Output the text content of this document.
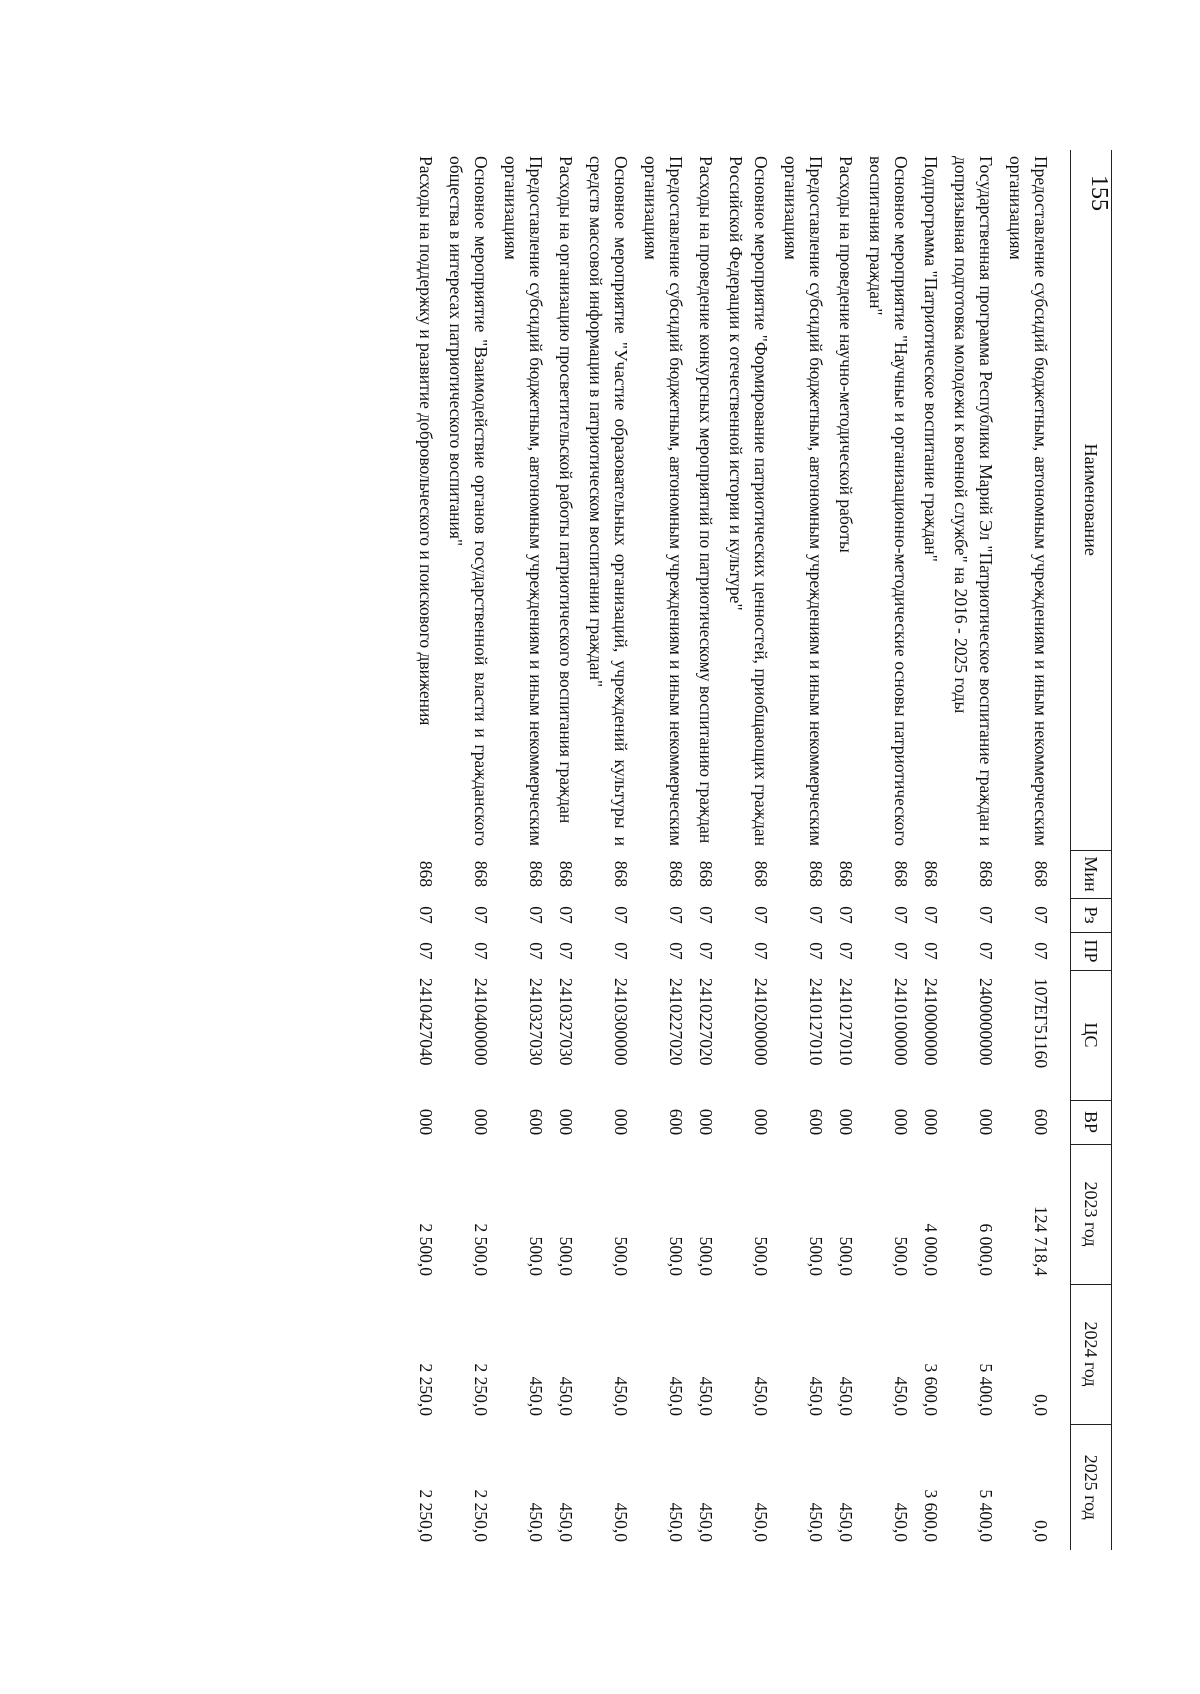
155
Наименование	Мин	Рз	ПР	ЦС	ВР	2023 год	2024 год	2025 год

Предоставление субсидий бюджетным, автономным учреждениям и иным некоммерческим организациям	868	07	07	107ЕГ51160	600	124 718,4	0,0	0,0
Государственная программа Республики Марий Эл "Патриотическое воспитание граждан и допризывная подготовка молодежи к военной службе" на 2016 - 2025 годы	868	07	07	2400000000	000	6 000,0	5 400,0	5 400,0
Подпрограмма "Патриотическое воспитание граждан"	868	07	07	2410000000	000	4 000,0	3 600,0	3 600,0
Основное мероприятие "Научные и организационно-методические основы патриотического воспитания граждан"	868	07	07	2410100000	000	500,0	450,0	450,0
Расходы на проведение научно-методической работы	868	07	07	2410127010	000	500,0	450,0	450,0
Предоставление субсидий бюджетным, автономным учреждениям и иным некоммерческим организациям	868	07	07	2410127010	600	500,0	450,0	450,0
Основное мероприятие "Формирование патриотических ценностей, приобщающих граждан Российской Федерации к отечественной истории и культуре"	868	07	07	2410200000	000	500,0	450,0	450,0
Расходы на проведение конкурсных мероприятий по патриотическому воспитанию граждан	868	07	07	2410227020	000	500,0	450,0	450,0
Предоставление субсидий бюджетным, автономным учреждениям и иным некоммерческим организациям	868	07	07	2410227020	600	500,0	450,0	450,0
Основное мероприятие "Участие образовательных организаций, учреждений культуры и средств массовой информации в патриотическом воспитании граждан"	868	07	07	2410300000	000	500,0	450,0	450,0
Расходы на организацию просветительской работы патриотического воспитания граждан	868	07	07	2410327030	000	500,0	450,0	450,0
Предоставление субсидий бюджетным, автономным учреждениям и иным некоммерческим организациям	868	07	07	2410327030	600	500,0	450,0	450,0
Основное мероприятие "Взаимодействие органов государственной власти и гражданского общества в интересах патриотического воспитания"	868	07	07	2410400000	000	2 500,0	2 250,0	2 250,0
Расходы на поддержку и развитие добровольческого и поискового движения	868	07	07	2410427040	000	2 500,0	2 250,0	2 250,0
